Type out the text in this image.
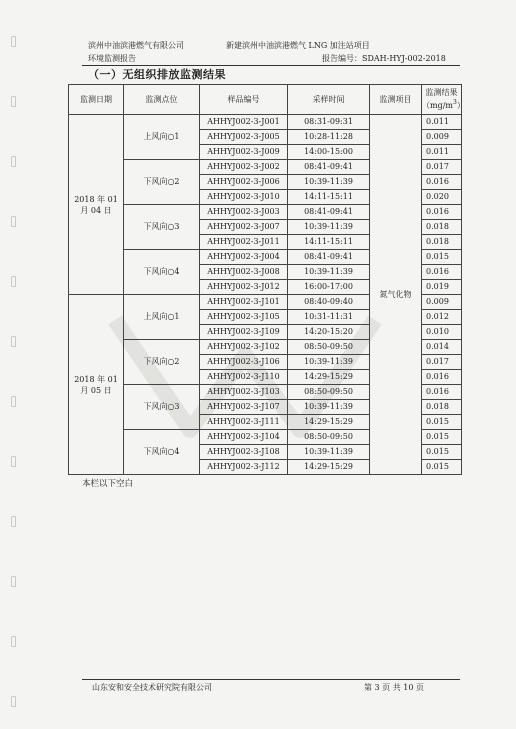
滨州中油滨港燃气有限公司	新建滨州中油滨港燃气 LNG 加注站项目
环境监测报告	报告编号：SDAH-HYJ-002-2018
（一）无组织排放监测结果
监测日期	监测点位	样品编号	采样时间	监测项目	监测结果
$(mg/m^3)$

2018 年 01 月 04 日	上风向○1	AHHYJ002-3-J001	08:31-09:31	氮气化物	0.011
		AHHYJ002-3-J005	10:28-11:28		0.009
		AHHYJ002-3-J009	14:00-15:00		0.011
	下风向○2	AHHYJ002-3-J002	08:41-09:41		0.017
		AHHYJ002-3-J006	10:39-11:39		0.016
		AHHYJ002-3-J010	14:11-15:11		0.020
	下风向○3	AHHYJ002-3-J003	08:41-09:41		0.016
		AHHYJ002-3-J007	10:39-11:39		0.018
		AHHYJ002-3-J011	14:11-15:11		0.018
	下风向○4	AHHYJ002-3-J004	08:41-09:41		0.015
		AHHYJ002-3-J008	10:39-11:39		0.016
		AHHYJ002-3-J012	16:00-17:00		0.019
2018 年 01 月 05 日	上风向○1	AHHYJ002-3-J101	08:40-09:40		0.009
		AHHYJ002-3-J105	10:31-11:31		0.012
		AHHYJ002-3-J109	14:20-15:20		0.010
	下风向○2	AHHYJ002-3-J102	08:50-09:50		0.014
		AHHYJ002-3-J106	10:39-11:39		0.017
		AHHYJ002-3-J110	14:29-15:29		0.016
	下风向○3	AHHYJ002-3-J103	08:50-09:50		0.016
		AHHYJ002-3-J107	10:39-11:39		0.018
		AHHYJ002-3-J111	14:29-15:29		0.015
	下风向○4	AHHYJ002-3-J104	08:50-09:50		0.015
		AHHYJ002-3-J108	10:39-11:39		0.015
		AHHYJ002-3-J112	14:29-15:29		0.015
本栏以下空白
山东安和安全技术研究院有限公司	第 3 页 共 10 页
